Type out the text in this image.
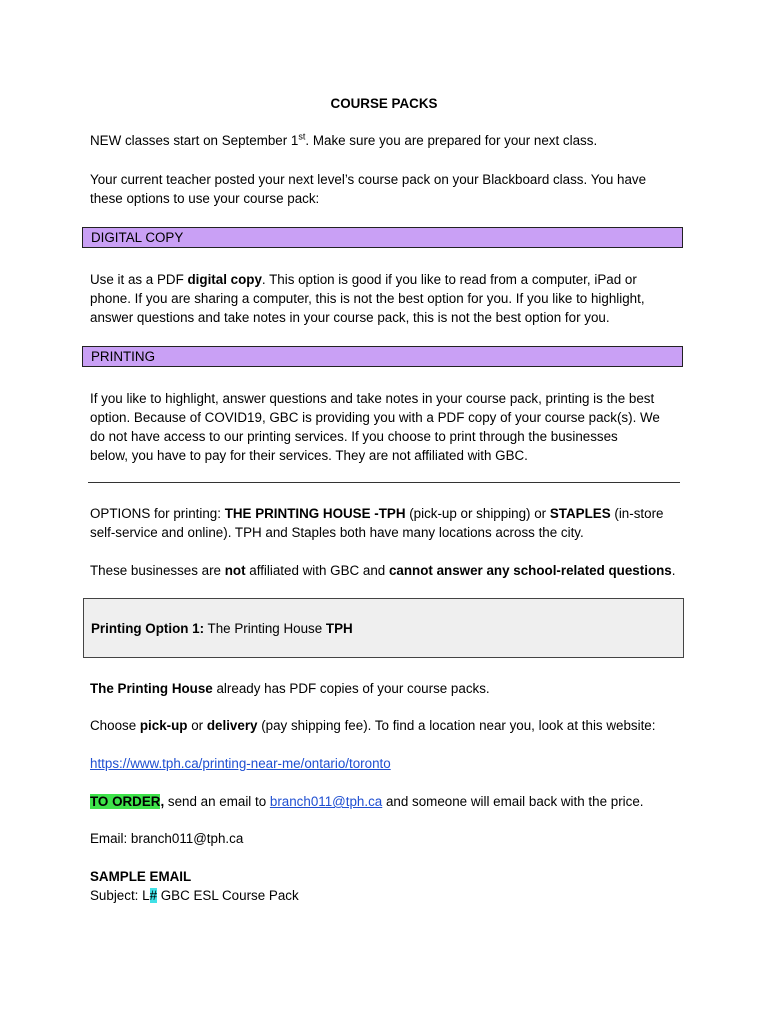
COURSE PACKS
NEW classes start on September 1st. Make sure you are prepared for your next class.
Your current teacher posted your next level’s course pack on your Blackboard class. You have
these options to use your course pack:
DIGITAL COPY
Use it as a PDF digital copy. This option is good if you like to read from a computer, iPad or
phone. If you are sharing a computer, this is not the best option for you. If you like to highlight,
answer questions and take notes in your course pack, this is not the best option for you.
PRINTING
If you like to highlight, answer questions and take notes in your course pack, printing is the best
option. Because of COVID19, GBC is providing you with a PDF copy of your course pack(s). We
do not have access to our printing services. If you choose to print through the businesses
below, you have to pay for their services. They are not affiliated with GBC.
OPTIONS for printing: THE PRINTING HOUSE -TPH (pick-up or shipping) or STAPLES (in-store
self-service and online). TPH and Staples both have many locations across the city.
These businesses are not affiliated with GBC and cannot answer any school-related questions.
Printing Option 1: The Printing House TPH
The Printing House already has PDF copies of your course packs.
Choose pick-up or delivery (pay shipping fee). To find a location near you, look at this website:
https://www.tph.ca/printing-near-me/ontario/toronto
TO ORDER, send an email to branch011@tph.ca and someone will email back with the price.
Email: branch011@tph.ca
SAMPLE EMAIL
Subject: L# GBC ESL Course Pack
